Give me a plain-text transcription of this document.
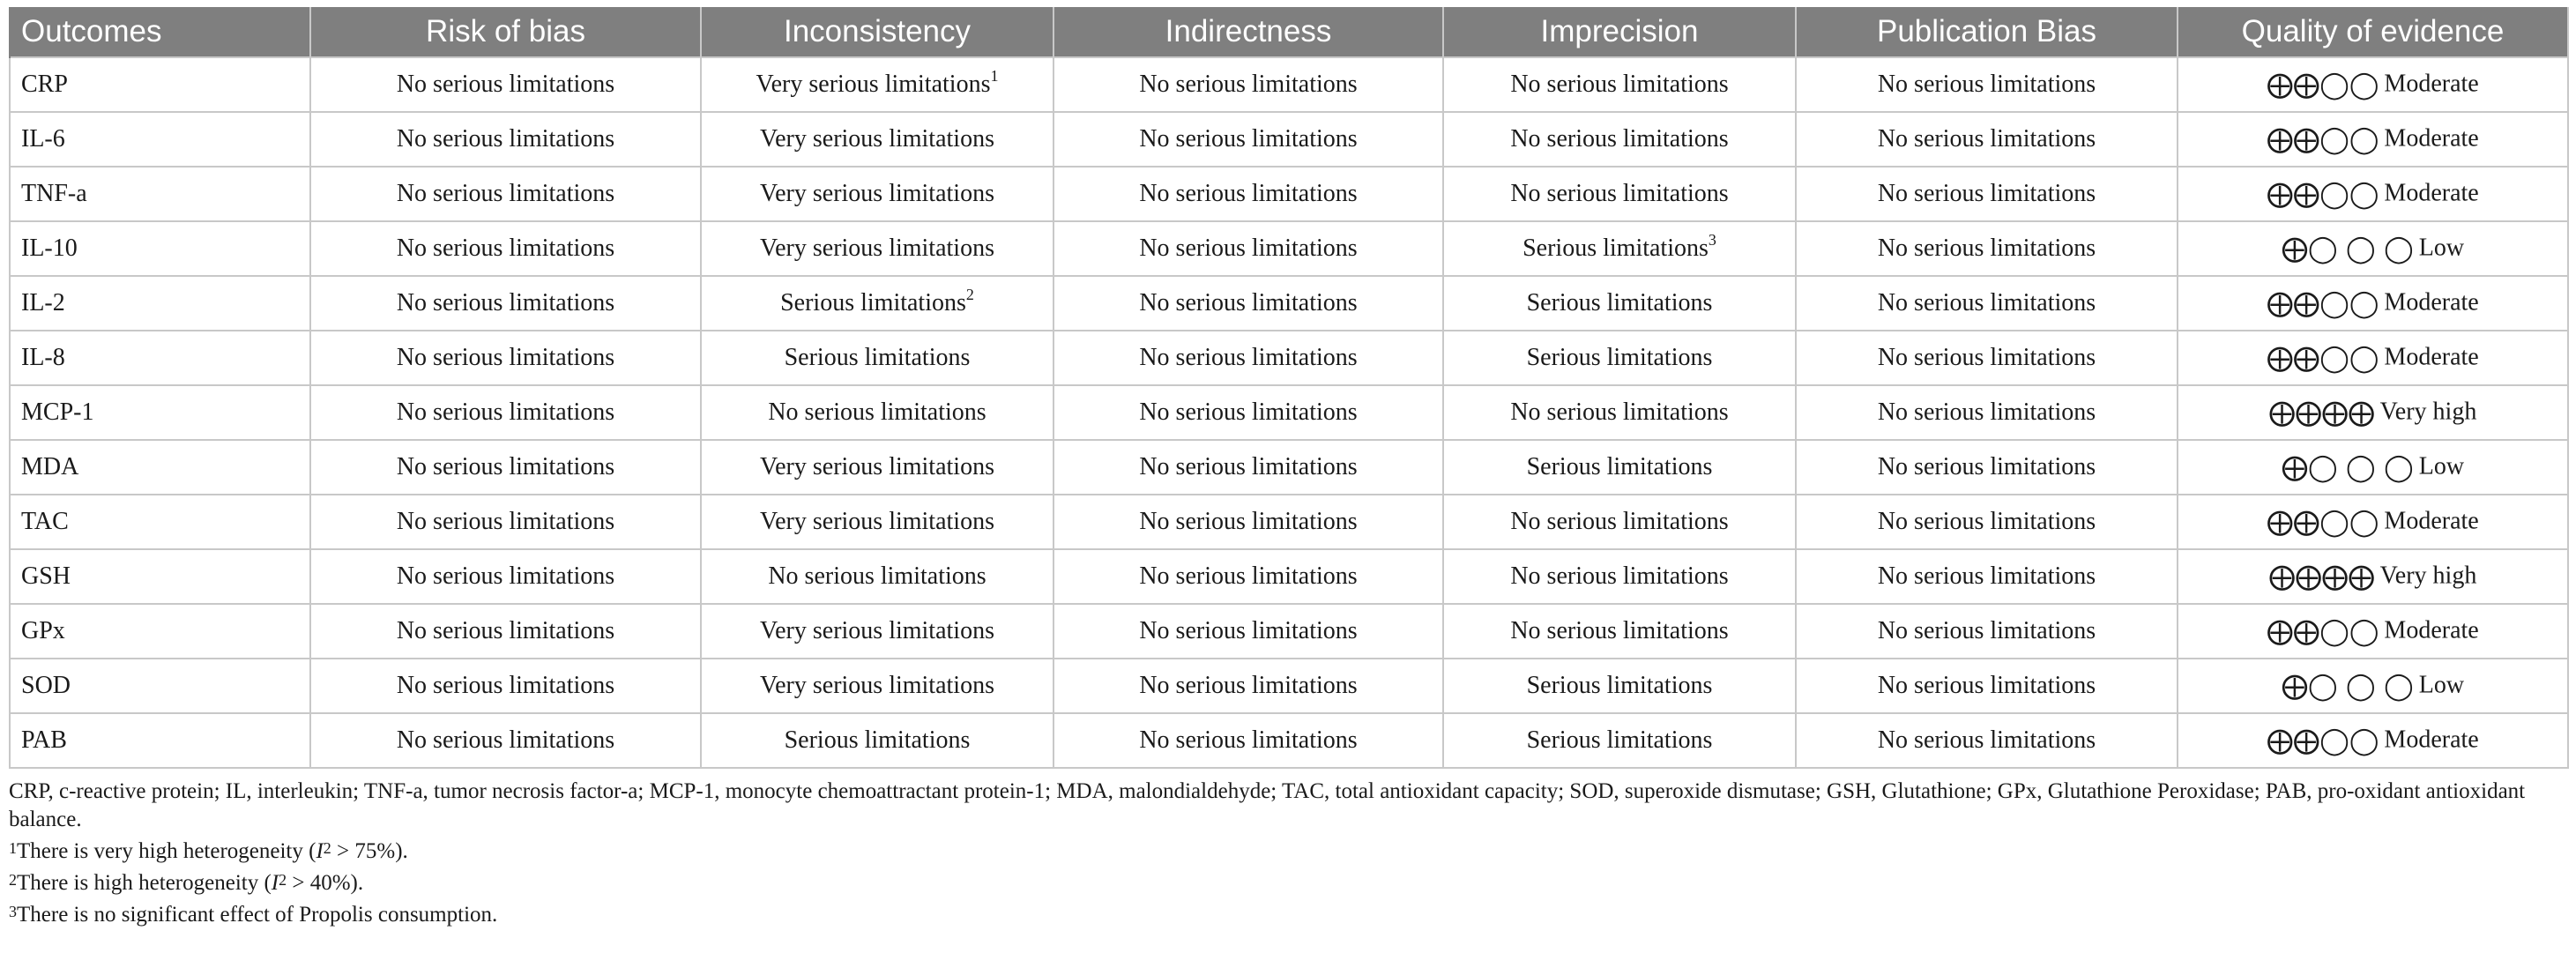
Outcomes	Risk of bias	Inconsistency	Indirectness	Imprecision	Publication Bias	Quality of evidence
CRP	No serious limitations	Very serious limitations$^1$	No serious limitations	No serious limitations	No serious limitations	⨁⨁◯◯ Moderate
IL-6	No serious limitations	Very serious limitations	No serious limitations	No serious limitations	No serious limitations	⨁⨁◯◯ Moderate
TNF-a	No serious limitations	Very serious limitations	No serious limitations	No serious limitations	No serious limitations	⨁⨁◯◯ Moderate
IL-10	No serious limitations	Very serious limitations	No serious limitations	Serious limitations$^3$	No serious limitations	⨁◯ ◯ ◯ Low
IL-2	No serious limitations	Serious limitations$^2$	No serious limitations	Serious limitations	No serious limitations	⨁⨁◯◯ Moderate
IL-8	No serious limitations	Serious limitations	No serious limitations	Serious limitations	No serious limitations	⨁⨁◯◯ Moderate
MCP-1	No serious limitations	No serious limitations	No serious limitations	No serious limitations	No serious limitations	⨁⨁⨁⨁ Very high
MDA	No serious limitations	Very serious limitations	No serious limitations	Serious limitations	No serious limitations	⨁◯ ◯ ◯ Low
TAC	No serious limitations	Very serious limitations	No serious limitations	No serious limitations	No serious limitations	⨁⨁◯◯ Moderate
GSH	No serious limitations	No serious limitations	No serious limitations	No serious limitations	No serious limitations	⨁⨁⨁⨁ Very high
GPx	No serious limitations	Very serious limitations	No serious limitations	No serious limitations	No serious limitations	⨁⨁◯◯ Moderate
SOD	No serious limitations	Very serious limitations	No serious limitations	Serious limitations	No serious limitations	⨁◯ ◯ ◯ Low
PAB	No serious limitations	Serious limitations	No serious limitations	Serious limitations	No serious limitations	⨁⨁◯◯ Moderate

CRP, c-reactive protein; IL, interleukin; TNF-a, tumor necrosis factor-a; MCP-1, monocyte chemoattractant protein-1; MDA, malondialdehyde; TAC, total antioxidant capacity; SOD, superoxide dismutase; GSH, Glutathione; GPx, Glutathione Peroxidase; PAB, pro-oxidant antioxidant balance.

$^1$There is very high heterogeneity $(I^2 > 75\%)$.

$^2$There is high heterogeneity $(I^2 > 40\%)$.

$^3$There is no significant effect of Propolis consumption.
